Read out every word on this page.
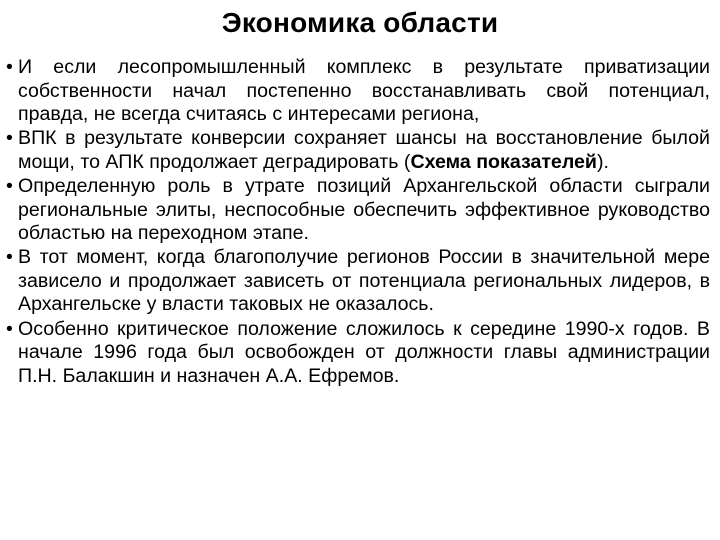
Экономика области
• И если лесопромышленный комплекс в результате приватизации собственности начал постепенно восстанавливать свой потенциал, правда, не всегда считаясь с интересами региона,
• ВПК в результате конверсии сохраняет шансы на восстановление былой мощи, то АПК продолжает деградировать (Схема показателей).
• Определенную роль в утрате позиций Архангельской области сыграли региональные элиты, неспособные обеспечить эффективное руководство областью на переходном этапе.
• В тот момент, когда благополучие регионов России в значительной мере зависело и продолжает зависеть от потенциала региональных лидеров, в Архангельске у власти таковых не оказалось.
• Особенно критическое положение сложилось к середине 1990-х годов. В начале 1996 года был освобожден от должности главы администрации П.Н. Балакшин и назначен А.А. Ефремов.
